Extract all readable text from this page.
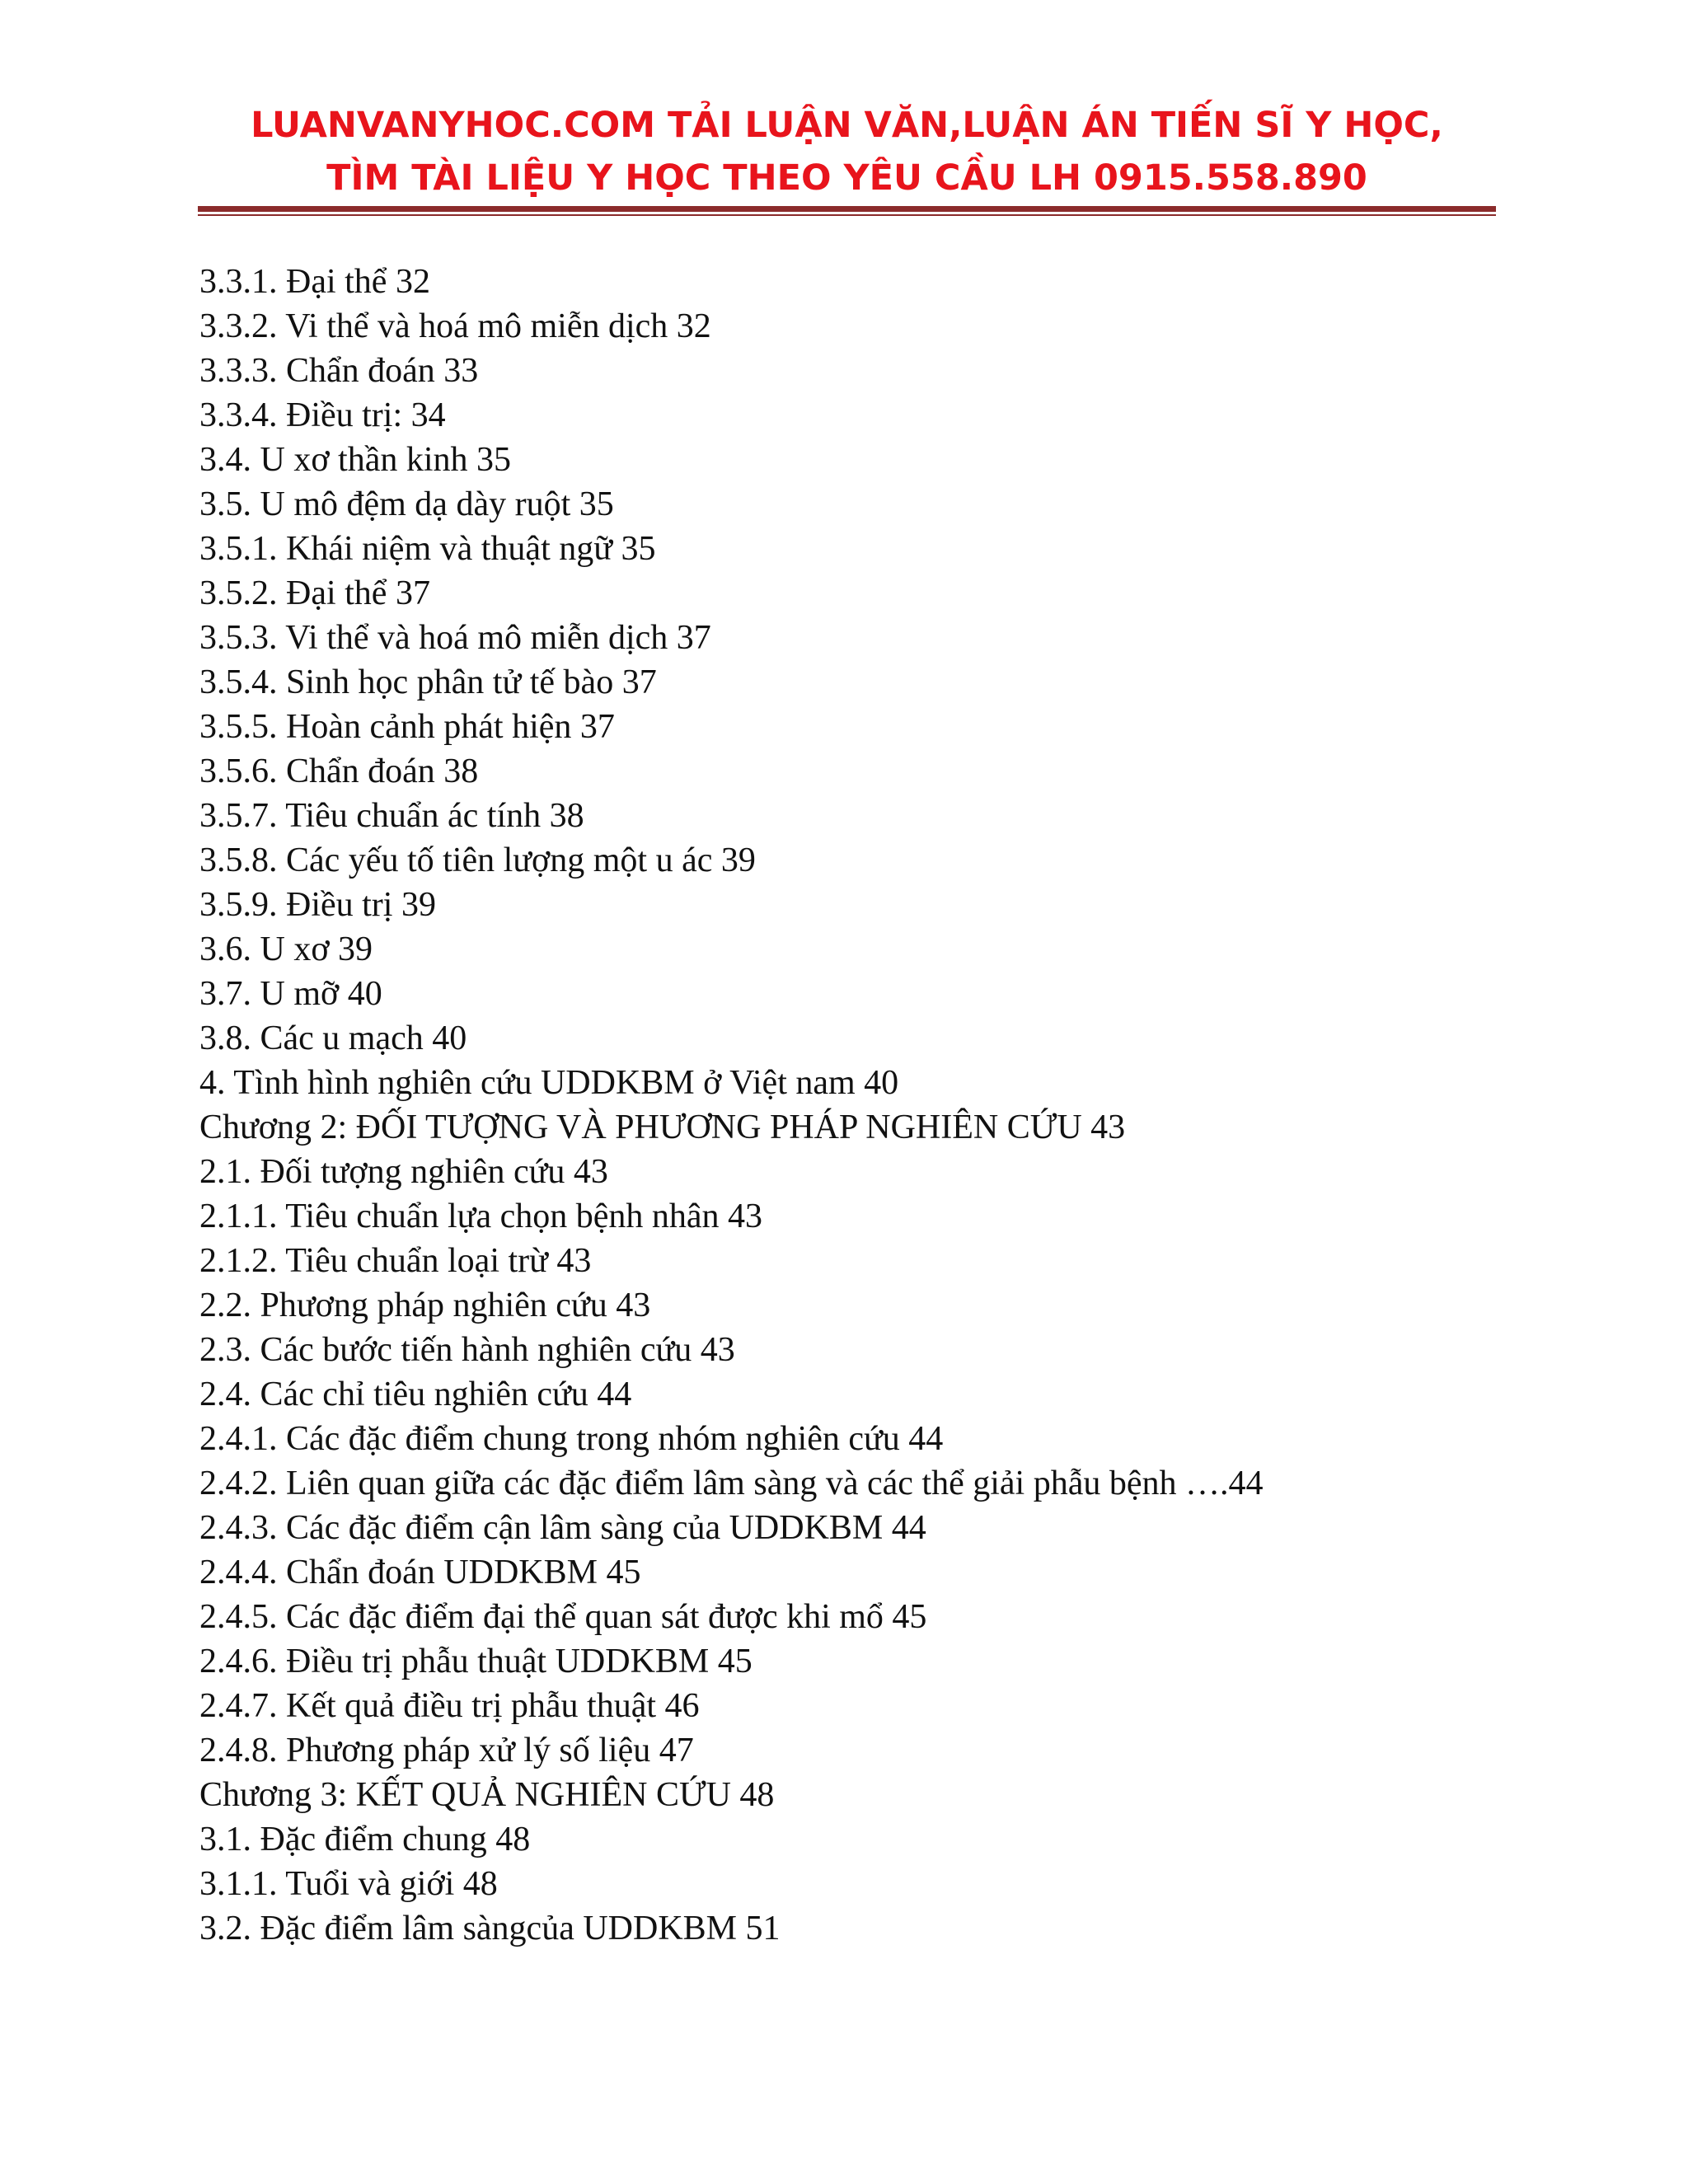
LUANVANYHOC.COM TẢI LUẬN VĂN,LUẬN ÁN TIẾN SĨ Y HỌC,
TÌM TÀI LIỆU Y HỌC THEO YÊU CẦU LH 0915.558.890
3.3.1. Đại thể 32
3.3.2. Vi thể và hoá mô miễn dịch 32
3.3.3. Chẩn đoán 33
3.3.4. Điều trị: 34
3.4. U xơ thần kinh 35
3.5. U mô đệm dạ dày ruột 35
3.5.1. Khái niệm và thuật ngữ 35
3.5.2. Đại thể 37
3.5.3. Vi thể và hoá mô miễn dịch 37
3.5.4. Sinh học phân tử tế bào 37
3.5.5. Hoàn cảnh phát hiện 37
3.5.6. Chẩn đoán 38
3.5.7. Tiêu chuẩn ác tính 38
3.5.8. Các yếu tố tiên lượng một u ác 39
3.5.9. Điều trị 39
3.6. U xơ 39
3.7. U mỡ 40
3.8. Các u mạch 40
4. Tình hình nghiên cứu UDDKBM ở Việt nam 40
Chương 2: ĐỐI TƯỢNG VÀ PHƯƠNG PHÁP NGHIÊN CỨU 43
2.1. Đối tượng nghiên cứu 43
2.1.1. Tiêu chuẩn lựa chọn bệnh nhân 43
2.1.2. Tiêu chuẩn loại trừ 43
2.2. Phương pháp nghiên cứu 43
2.3. Các bước tiến hành nghiên cứu 43
2.4. Các chỉ tiêu nghiên cứu 44
2.4.1. Các đặc điểm chung trong nhóm nghiên cứu 44
2.4.2. Liên quan giữa các đặc điểm lâm sàng và các thể giải phẫu bệnh ….44
2.4.3. Các đặc điểm cận lâm sàng của UDDKBM 44
2.4.4. Chẩn đoán UDDKBM 45
2.4.5. Các đặc điểm đại thể quan sát được khi mổ 45
2.4.6. Điều trị phẫu thuật UDDKBM 45
2.4.7. Kết quả điều trị phẫu thuật 46
2.4.8. Phương pháp xử lý số liệu 47
Chương 3: KẾT QUẢ NGHIÊN CỨU 48
3.1. Đặc điểm chung 48
3.1.1. Tuổi và giới 48
3.2. Đặc điểm lâm sàngcủa UDDKBM 51
